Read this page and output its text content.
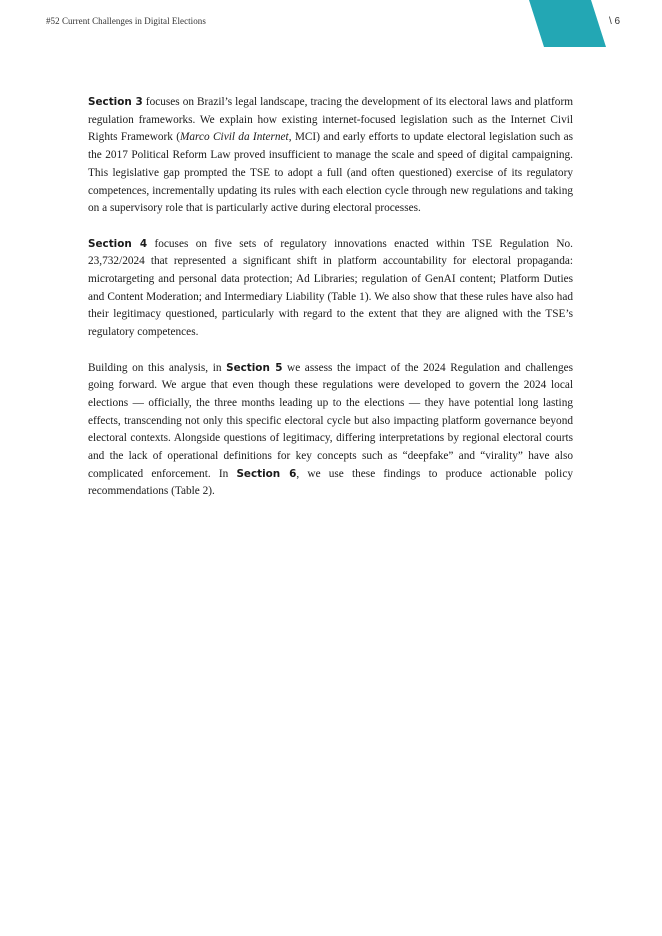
#52 Current Challenges in Digital Elections	\ 6

Section 3 focuses on Brazil’s legal landscape, tracing the development of its electoral laws and platform regulation frameworks. We explain how existing internet-focused legislation such as the Internet Civil Rights Framework (Marco Civil da Internet, MCI) and early efforts to update electoral legislation such as the 2017 Political Reform Law proved insufficient to manage the scale and speed of digital campaigning. This legislative gap prompted the TSE to adopt a full (and often questioned) exercise of its regulatory competences, incrementally updating its rules with each election cycle through new regulations and taking on a supervisory role that is particularly active during electoral processes.

Section 4 focuses on five sets of regulatory innovations enacted within TSE Regulation No. 23,732/2024 that represented a significant shift in platform accountability for electoral propaganda: microtargeting and personal data protection; Ad Libraries; regulation of GenAI content; Platform Duties and Content Moderation; and Intermediary Liability (Table 1). We also show that these rules have also had their legitimacy questioned, particularly with regard to the extent that they are aligned with the TSE’s regulatory competences.

Building on this analysis, in Section 5 we assess the impact of the 2024 Regulation and challenges going forward. We argue that even though these regulations were developed to govern the 2024 local elections — officially, the three months leading up to the elections — they have potential long lasting effects, transcending not only this specific electoral cycle but also impacting platform governance beyond electoral contexts. Alongside questions of legitimacy, differing interpretations by regional electoral courts and the lack of operational definitions for key concepts such as “deepfake” and “virality” have also complicated enforcement. In Section 6, we use these findings to produce actionable policy recommendations (Table 2).
